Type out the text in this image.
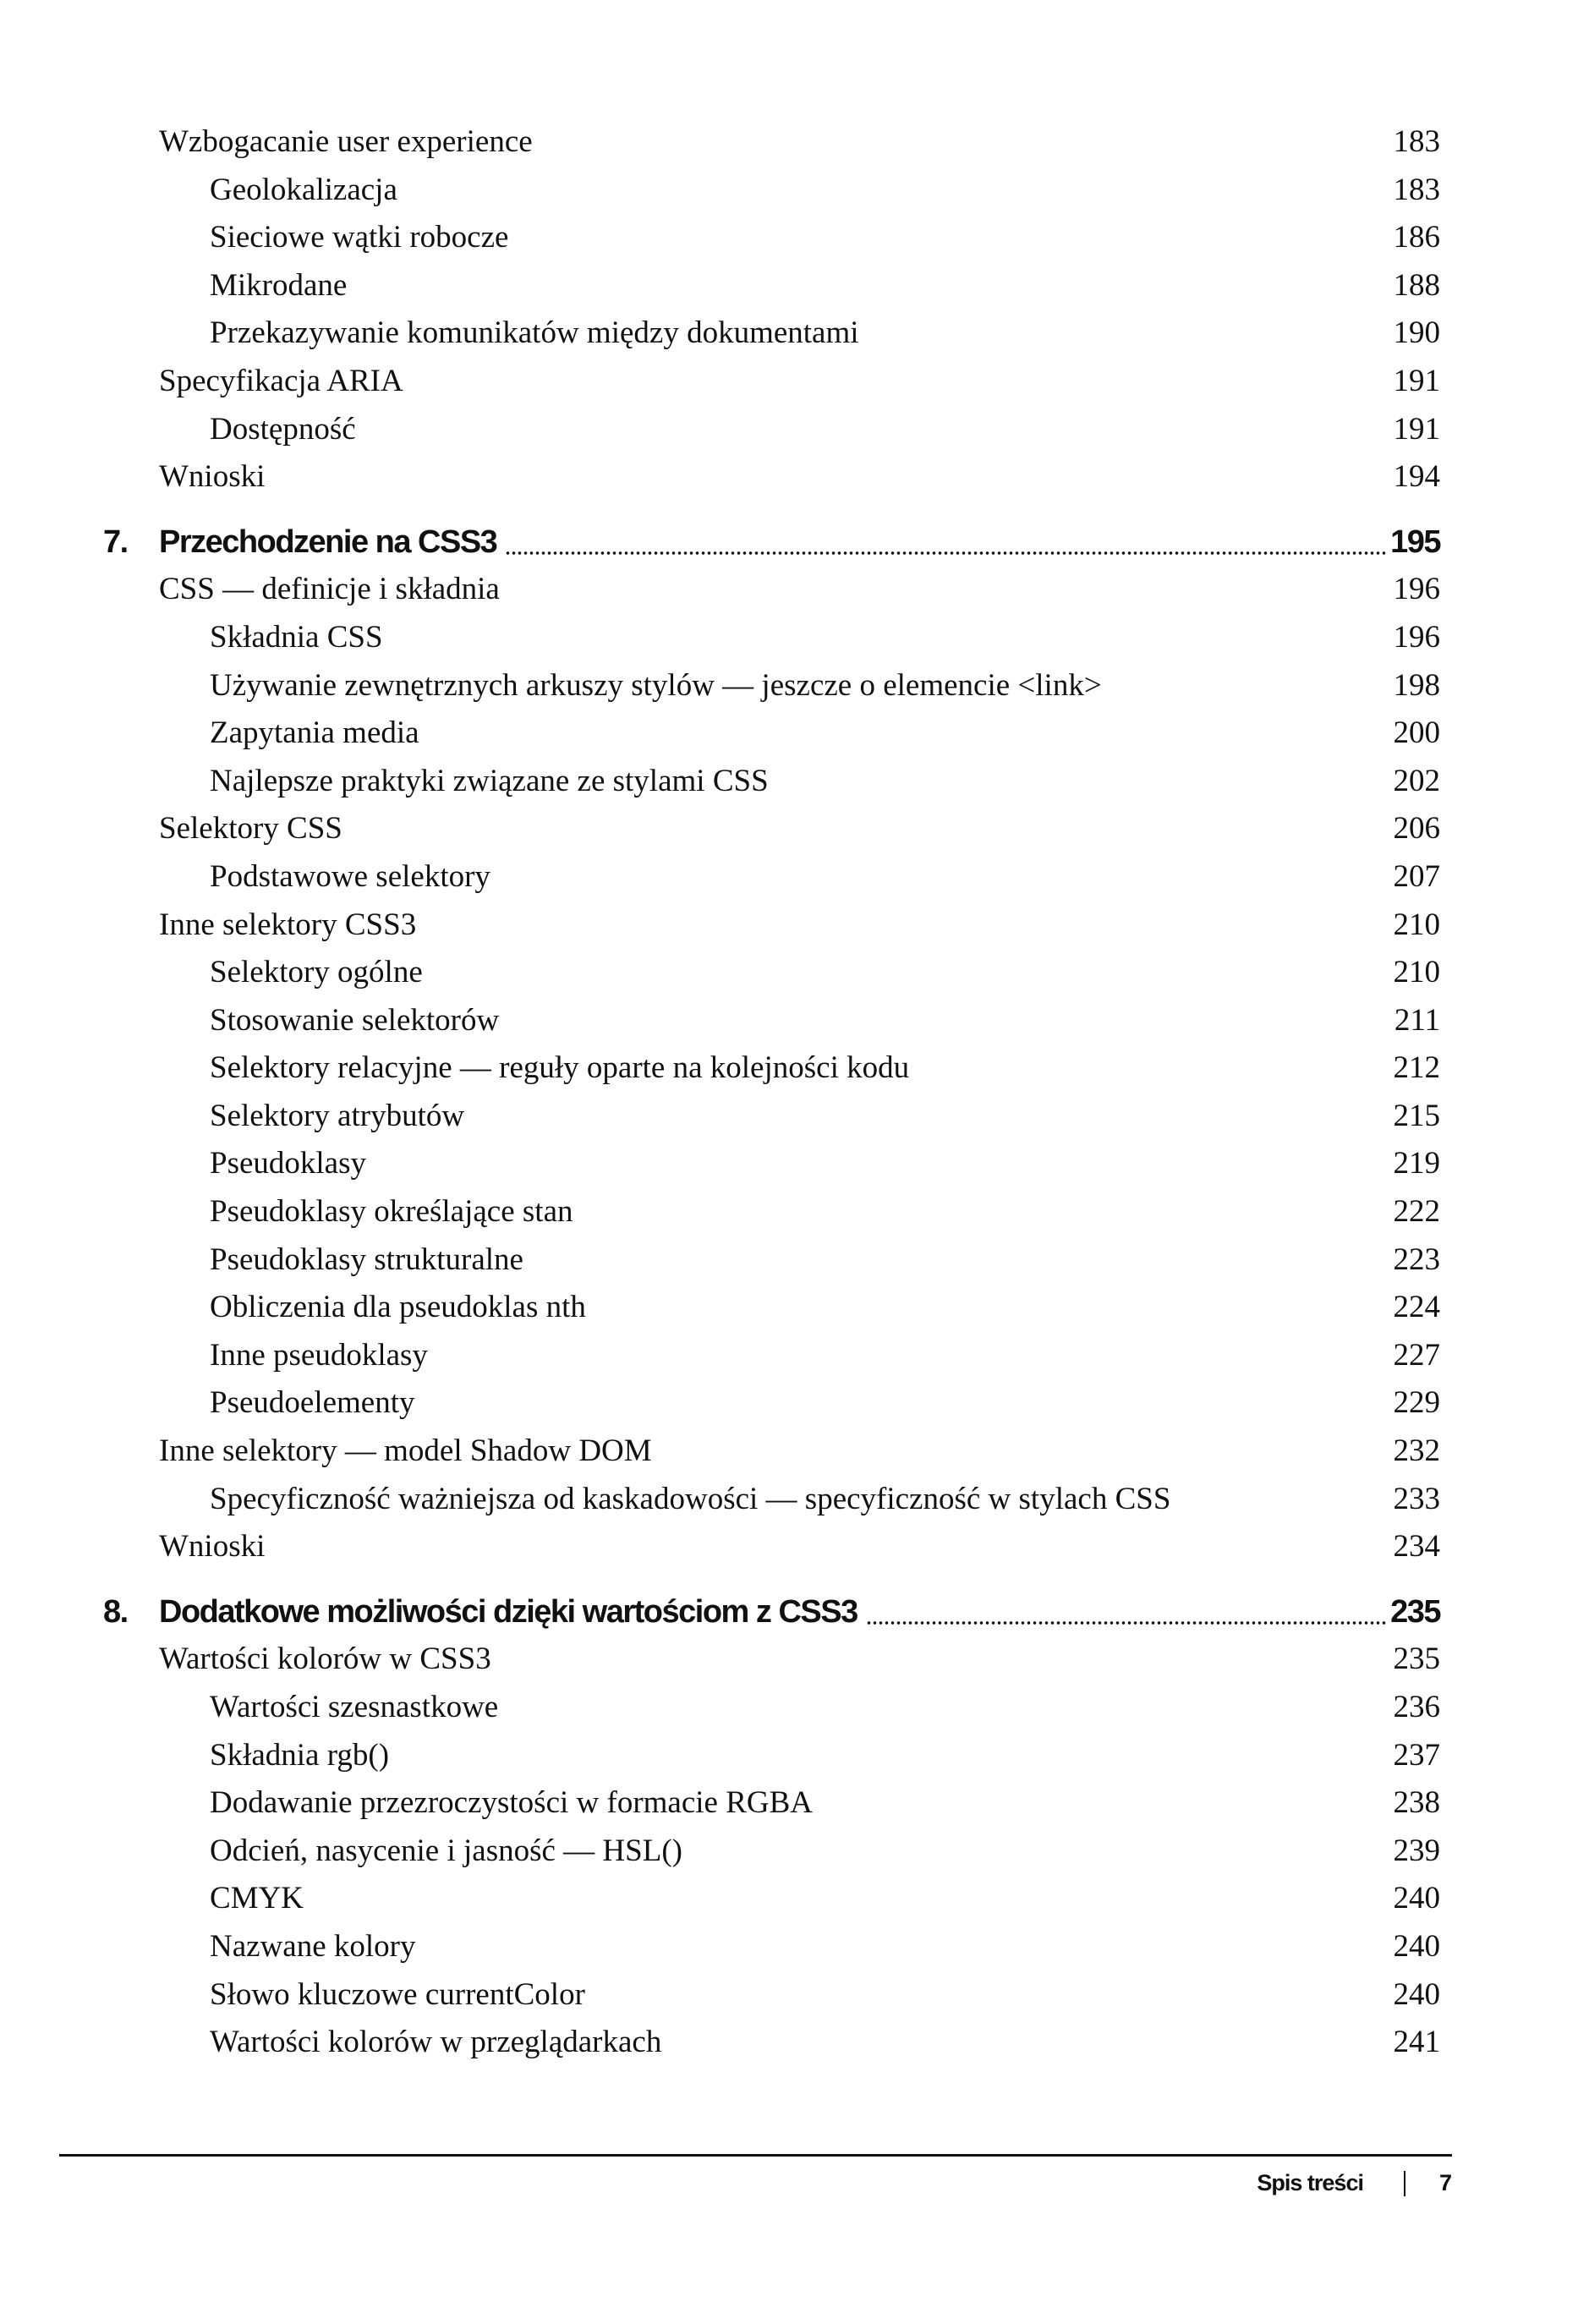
Wzbogacanie user experience	183
Geolokalizacja	183
Sieciowe wątki robocze	186
Mikrodane	188
Przekazywanie komunikatów między dokumentami	190
Specyfikacja ARIA	191
Dostępność	191
Wnioski	194
7. Przechodzenie na CSS3	195
CSS — definicje i składnia	196
Składnia CSS	196
Używanie zewnętrznych arkuszy stylów — jeszcze o elemencie <link>	198
Zapytania media	200
Najlepsze praktyki związane ze stylami CSS	202
Selektory CSS	206
Podstawowe selektory	207
Inne selektory CSS3	210
Selektory ogólne	210
Stosowanie selektorów	211
Selektory relacyjne — reguły oparte na kolejności kodu	212
Selektory atrybutów	215
Pseudoklasy	219
Pseudoklasy określające stan	222
Pseudoklasy strukturalne	223
Obliczenia dla pseudoklas nth	224
Inne pseudoklasy	227
Pseudoelementy	229
Inne selektory — model Shadow DOM	232
Specyficzność ważniejsza od kaskadowości — specyficzność w stylach CSS	233
Wnioski	234
8. Dodatkowe możliwości dzięki wartościom z CSS3	235
Wartości kolorów w CSS3	235
Wartości szesnastkowe	236
Składnia rgb()	237
Dodawanie przezroczystości w formacie RGBA	238
Odcień, nasycenie i jasność — HSL()	239
CMYK	240
Nazwane kolory	240
Słowo kluczowe currentColor	240
Wartości kolorów w przeglądarkach	241
Spis treści	7
